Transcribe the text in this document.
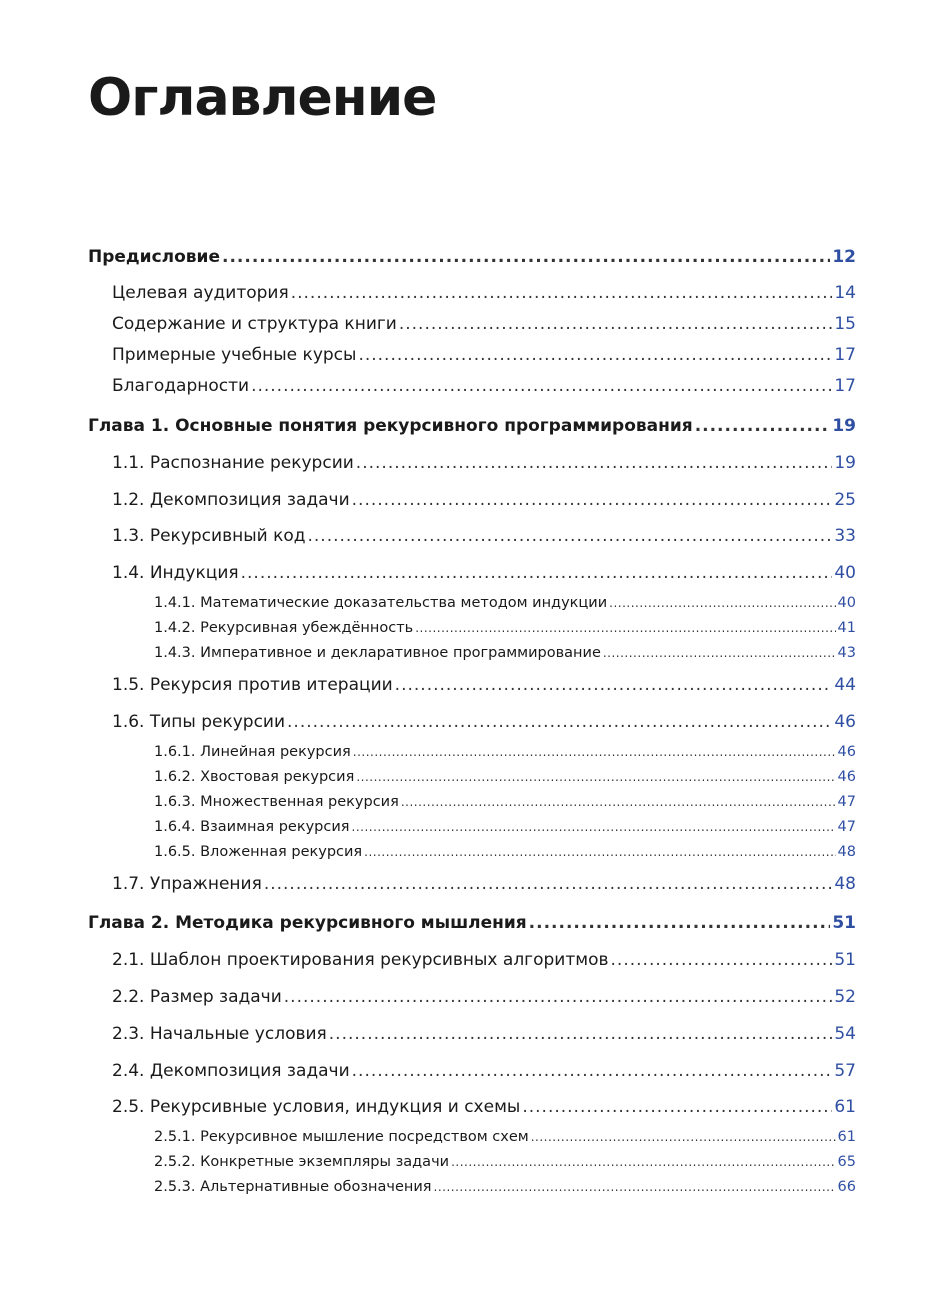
Оглавление
Предисловие .....	12
Целевая аудитория .....	14
Содержание и структура книги .....	15
Примерные учебные курсы .....	17
Благодарности .....	17
Глава 1. Основные понятия рекурсивного программирования .....	19
1.1. Распознание рекурсии .....	19
1.2. Декомпозиция задачи .....	25
1.3. Рекурсивный код .....	33
1.4. Индукция .....	40
1.4.1. Математические доказательства методом индукции .....	40
1.4.2. Рекурсивная убеждённость .....	41
1.4.3. Императивное и декларативное программирование .....	43
1.5. Рекурсия против итерации .....	44
1.6. Типы рекурсии .....	46
1.6.1. Линейная рекурсия .....	46
1.6.2. Хвостовая рекурсия .....	46
1.6.3. Множественная рекурсия .....	47
1.6.4. Взаимная рекурсия .....	47
1.6.5. Вложенная рекурсия .....	48
1.7. Упражнения .....	48
Глава 2. Методика рекурсивного мышления .....	51
2.1. Шаблон проектирования рекурсивных алгоритмов .....	51
2.2. Размер задачи .....	52
2.3. Начальные условия .....	54
2.4. Декомпозиция задачи .....	57
2.5. Рекурсивные условия, индукция и схемы .....	61
2.5.1. Рекурсивное мышление посредством схем .....	61
2.5.2. Конкретные экземпляры задачи .....	65
2.5.3. Альтернативные обозначения .....	66
